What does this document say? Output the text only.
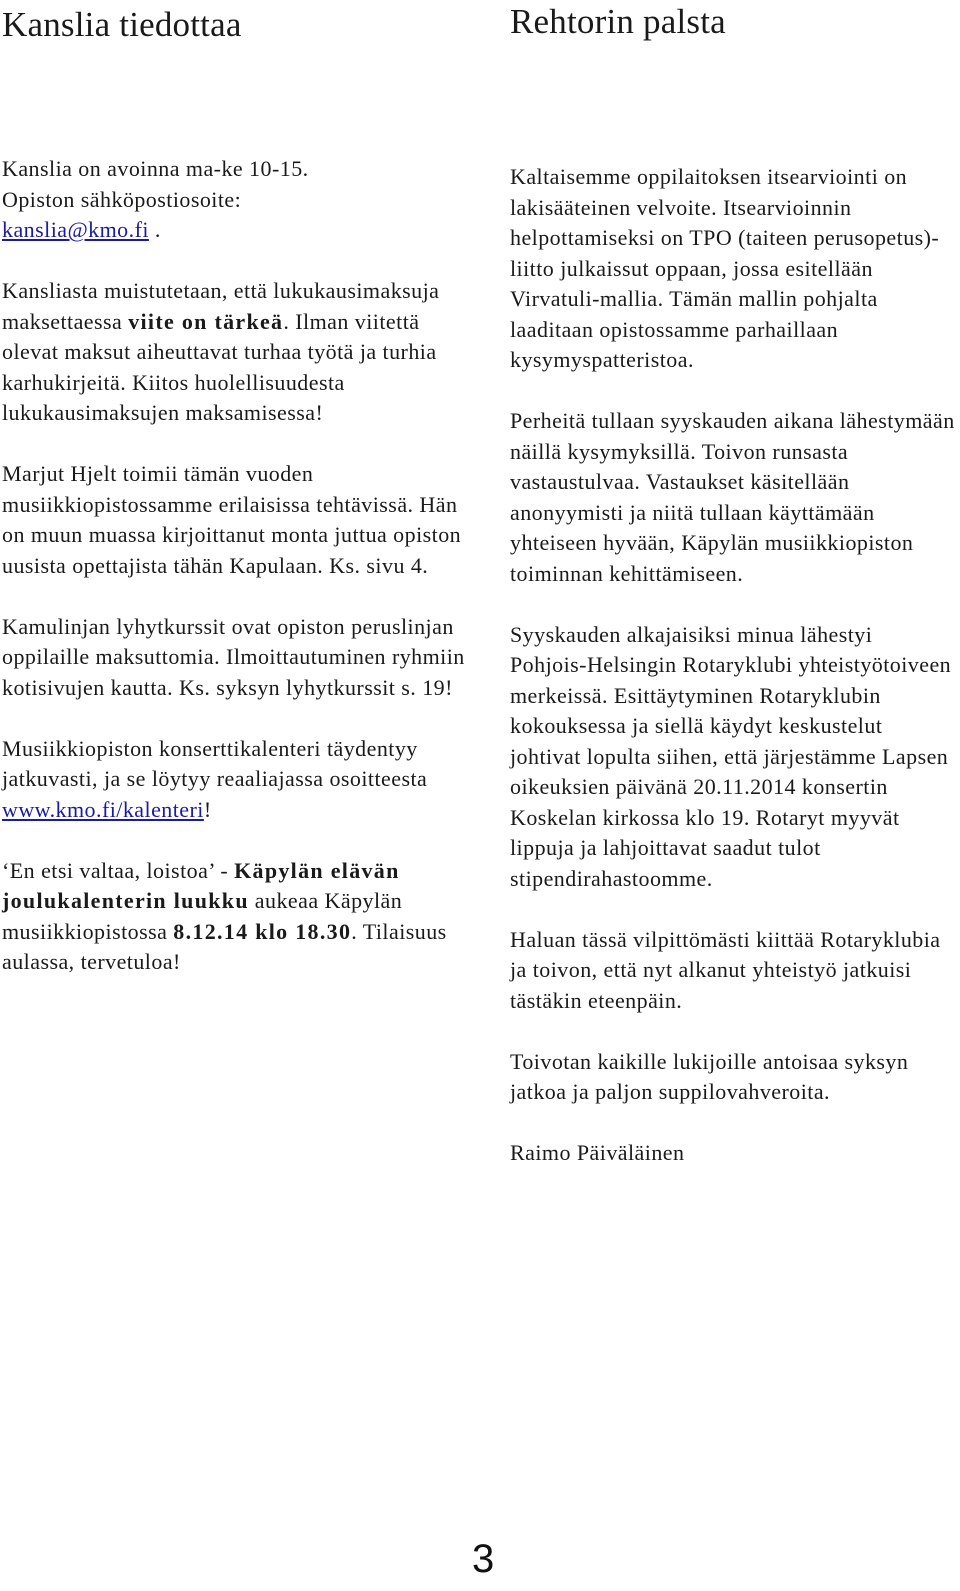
Kanslia tiedottaa

Kanslia on avoinna ma-ke 10-15.
Opiston sähköpostiosoite:
kanslia@kmo.fi .

Kansliasta muistutetaan, että lukukausimaksuja maksettaessa viite on tärkeä. Ilman viitettä olevat maksut aiheuttavat turhaa työtä ja turhia karhukirjeitä. Kiitos huolellisuudesta lukukausimaksujen maksamisessa!

Marjut Hjelt toimii tämän vuoden musiikkiopistossamme erilaisissa tehtävissä. Hän on muun muassa kirjoittanut monta juttua opiston uusista opettajista tähän Kapulaan. Ks. sivu 4.

Kamulinjan lyhytkurssit ovat opiston peruslinjan oppilaille maksuttomia. Ilmoittautuminen ryhmiin kotisivujen kautta. Ks. syksyn lyhytkurssit s. 19!

Musiikkiopiston konserttikalenteri täydentyy jatkuvasti, ja se löytyy reaaliajassa osoitteesta www.kmo.fi/kalenteri!

‘En etsi valtaa, loistoa’ - Käpylän elävän joulukalenterin luukku aukeaa Käpylän musiikkiopistossa 8.12.14 klo 18.30. Tilaisuus aulassa, tervetuloa!

Rehtorin palsta

Kaltaisemme oppilaitoksen itsearviointi on lakisääteinen velvoite. Itsearvioinnin helpottamiseksi on TPO (taiteen perusopetus)- liitto julkaissut oppaan, jossa esitellään Virvatuli-mallia. Tämän mallin pohjalta laaditaan opistossamme parhaillaan kysymyspatteristoa.

Perheitä tullaan syyskauden aikana lähestymään näillä kysymyksillä. Toivon runsasta vastaustulvaa. Vastaukset käsitellään anonyymisti ja niitä tullaan käyttämään yhteiseen hyvään, Käpylän musiikkiopiston toiminnan kehittämiseen.

Syyskauden alkajaisiksi minua lähestyi Pohjois-Helsingin Rotaryklubi yhteistyötoiveen merkeissä. Esittäytyminen Rotaryklubin kokouksessa ja siellä käydyt keskustelut johtivat lopulta siihen, että järjestämme Lapsen oikeuksien päivänä 20.11.2014 konsertin Koskelan kirkossa klo 19. Rotaryt myyvät lippuja ja lahjoittavat saadut tulot stipendirahastoomme.

Haluan tässä vilpittömästi kiittää Rotaryklubia ja toivon, että nyt alkanut yhteistyö jatkuisi tästäkin eteenpäin.

Toivotan kaikille lukijoille antoisaa syksyn jatkoa ja paljon suppilovahveroita.

Raimo Päiväläinen

3
